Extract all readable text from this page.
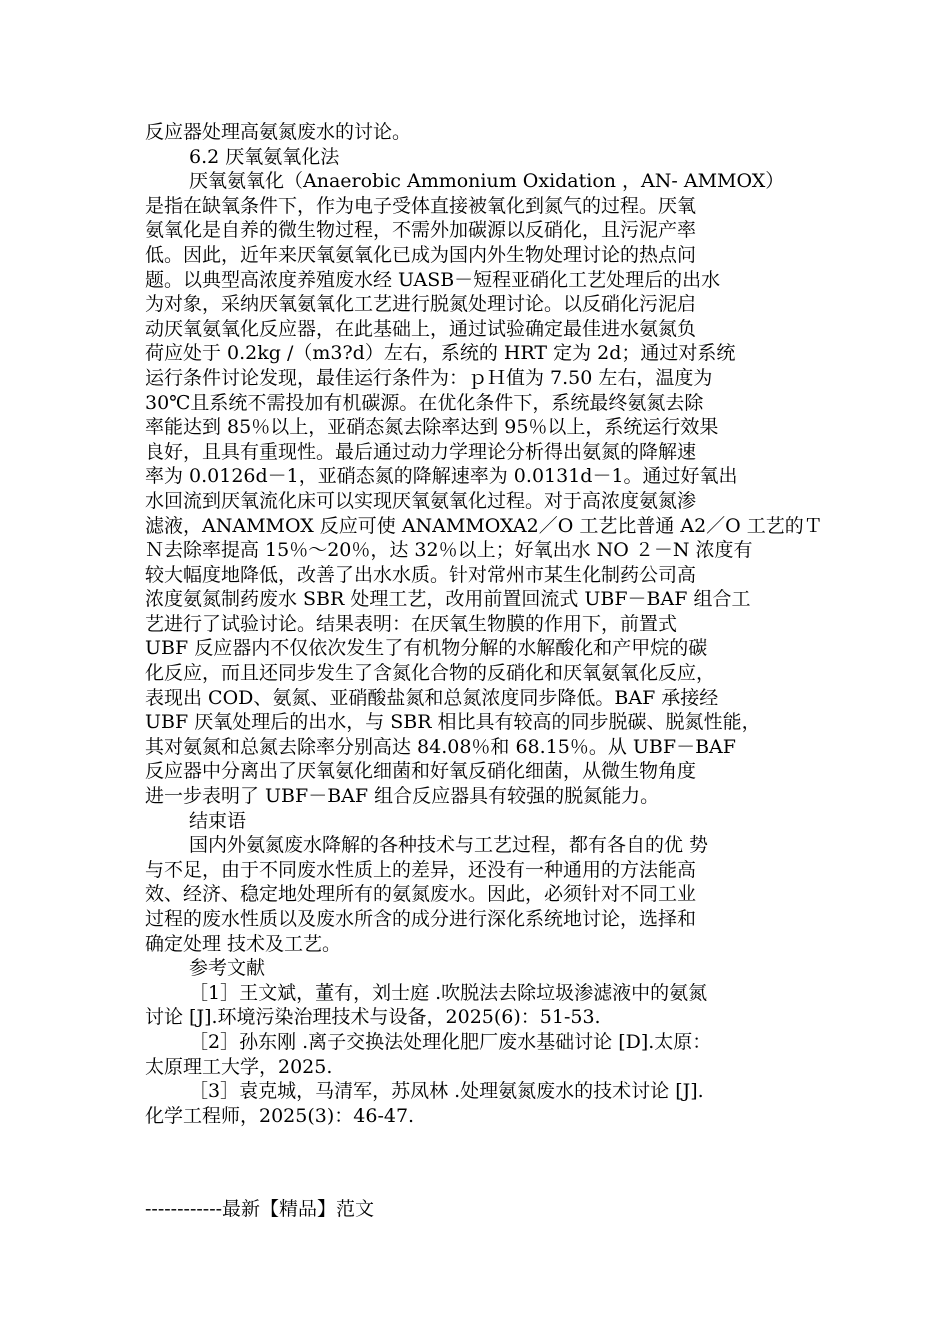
反应器处理高氨氮废水的讨论。
6.2 厌氧氨氧化法
厌氧氨氧化（Anaerobic Ammonium Oxidation ，AN- AMMOX）
是指在缺氧条件下，作为电子受体直接被氧化到氮气的过程。厌氧
氨氧化是自养的微生物过程，不需外加碳源以反硝化，且污泥产率
低。因此，近年来厌氧氨氧化已成为国内外生物处理讨论的热点问
题。以典型高浓度养殖废水经 UASB－短程亚硝化工艺处理后的出水
为对象，采纳厌氧氨氧化工艺进行脱氮处理讨论。以反硝化污泥启
动厌氧氨氧化反应器，在此基础上，通过试验确定最佳进水氨氮负
荷应处于 0.2kg /（m3?d）左右，系统的 HRT 定为 2d；通过对系统
运行条件讨论发现，最佳运行条件为：ｐＨ值为 7.50 左右，温度为
30℃且系统不需投加有机碳源。在优化条件下，系统最终氨氮去除
率能达到 85％以上，亚硝态氮去除率达到 95％以上，系统运行效果
良好，且具有重现性。最后通过动力学理论分析得出氨氮的降解速
率为 0.0126d－1，亚硝态氮的降解速率为 0.0131d－1。通过好氧出
水回流到厌氧流化床可以实现厌氧氨氧化过程。对于高浓度氨氮渗
滤液，ANAMMOX 反应可使 ANAMMOXA2／O 工艺比普通 A2／O 工艺的Ｔ
Ｎ去除率提高 15％～20％，达 32％以上；好氧出水 NO ２－N 浓度有
较大幅度地降低，改善了出水水质。针对常州市某生化制药公司高
浓度氨氮制药废水 SBR 处理工艺，改用前置回流式 UBF－BAF 组合工
艺进行了试验讨论。结果表明：在厌氧生物膜的作用下，前置式
UBF 反应器内不仅依次发生了有机物分解的水解酸化和产甲烷的碳
化反应，而且还同步发生了含氮化合物的反硝化和厌氧氨氧化反应，
表现出 COD、氨氮、亚硝酸盐氮和总氮浓度同步降低。BAF 承接经
UBF 厌氧处理后的出水，与 SBR 相比具有较高的同步脱碳、脱氮性能，
其对氨氮和总氮去除率分别高达 84.08％和 68.15％。从 UBF－BAF
反应器中分离出了厌氧氨化细菌和好氧反硝化细菌，从微生物角度
进一步表明了 UBF－BAF 组合反应器具有较强的脱氮能力。
结束语
国内外氨氮废水降解的各种技术与工艺过程，都有各自的优 势
与不足，由于不同废水性质上的差异，还没有一种通用的方法能高
效、经济、稳定地处理所有的氨氮废水。因此，必须针对不同工业
过程的废水性质以及废水所含的成分进行深化系统地讨论，选择和
确定处理 技术及工艺。
参考文献
［1］王文斌，董有，刘士庭 .吹脱法去除垃圾渗滤液中的氨氮
讨论 [J].环境污染治理技术与设备，2025(6)：51-53.
［2］孙东刚 .离子交换法处理化肥厂废水基础讨论 [D].太原：
太原理工大学，2025.
［3］袁克城，马清军，苏凤林 .处理氨氮废水的技术讨论 [J].
化学工程师，2025(3)：46-47.
------------最新【精品】范文
